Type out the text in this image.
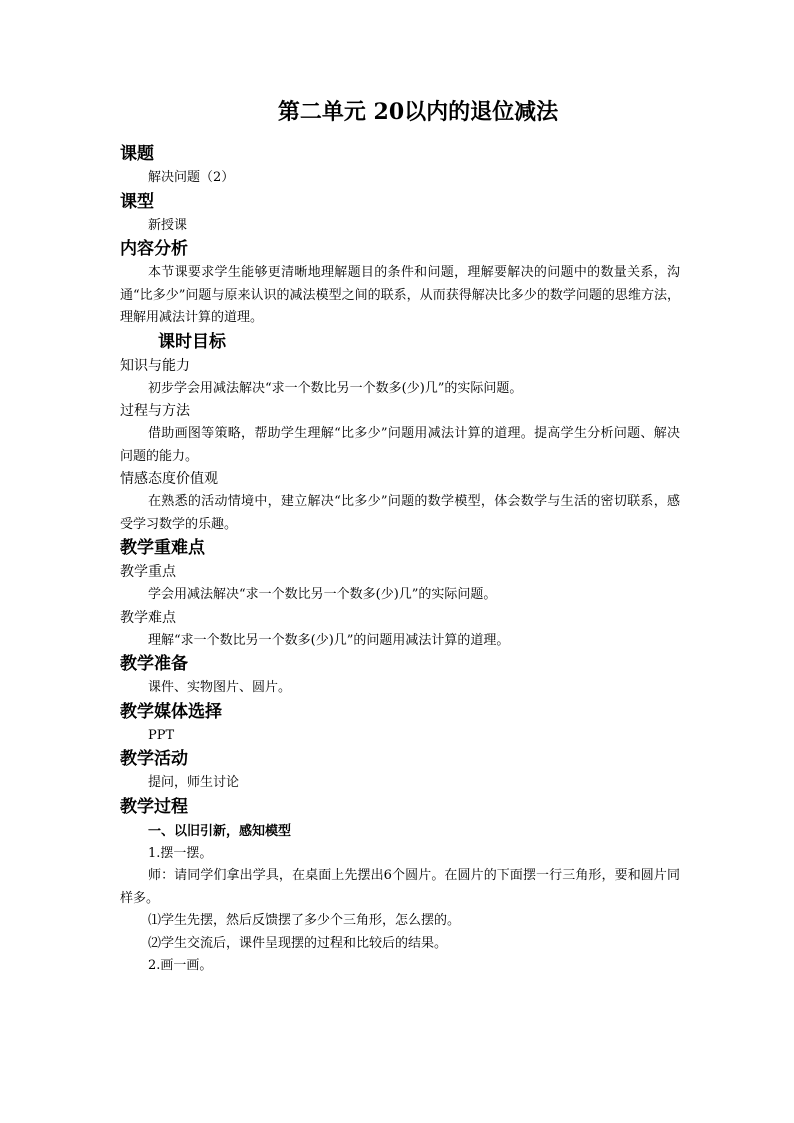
第二单元 20以内的退位减法
课题
解决问题（2）
课型
新授课
内容分析
本节课要求学生能够更清晰地理解题目的条件和问题，理解要解决的问题中的数量关系，沟通“比多少”问题与原来认识的减法模型之间的联系，从而获得解决比多少的数学问题的思维方法，理解用减法计算的道理。
课时目标
知识与能力
初步学会用减法解决“求一个数比另一个数多(少)几”的实际问题。
过程与方法
借助画图等策略，帮助学生理解“比多少”问题用减法计算的道理。提高学生分析问题、解决问题的能力。
情感态度价值观
在熟悉的活动情境中，建立解决“比多少”问题的数学模型，体会数学与生活的密切联系，感受学习数学的乐趣。
教学重难点
教学重点
学会用减法解决“求一个数比另一个数多(少)几”的实际问题。
教学难点
理解“求一个数比另一个数多(少)几”的问题用减法计算的道理。
教学准备
课件、实物图片、圆片。
教学媒体选择
PPT
教学活动
提问，师生讨论
教学过程
一、以旧引新，感知模型
1.摆一摆。
师：请同学们拿出学具，在桌面上先摆出6个圆片。在圆片的下面摆一行三角形，要和圆片同样多。
⑴学生先摆，然后反馈摆了多少个三角形，怎么摆的。
⑵学生交流后，课件呈现摆的过程和比较后的结果。
2.画一画。
